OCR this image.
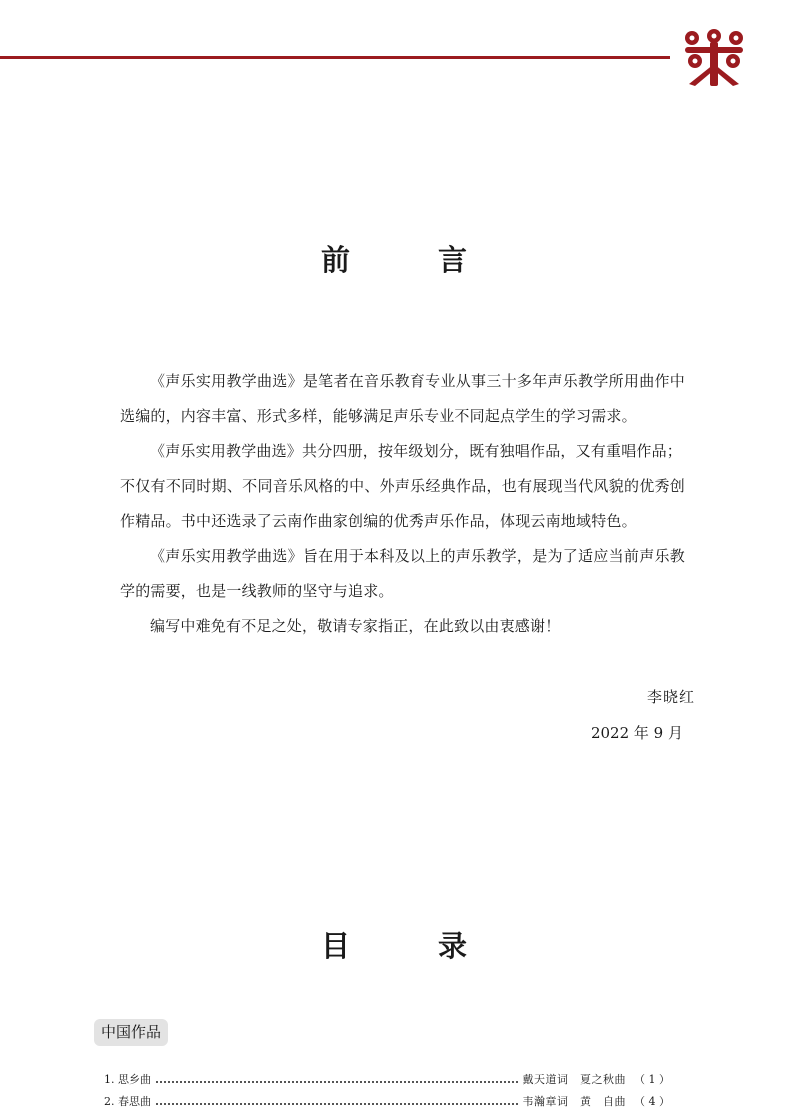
前	言

《声乐实用教学曲选》是笔者在音乐教育专业从事三十多年声乐教学所用曲作中选编的，内容丰富、形式多样，能够满足声乐专业不同起点学生的学习需求。

《声乐实用教学曲选》共分四册，按年级划分，既有独唱作品，又有重唱作品；

不仅有不同时期、不同音乐风格的中、外声乐经典作品，也有展现当代风貌的优秀创作精品。书中还选录了云南作曲家创编的优秀声乐作品，体现云南地域特色。

《声乐实用教学曲选》旨在用于本科及以上的声乐教学，是为了适应当前声乐教学的需要，也是一线教师的坚守与追求。

编写中难免有不足之处，敬请专家指正，在此致以由衷感谢！

李晓红
2022 年 9 月
目	录
中国作品
1. 思乡曲	戴天道词　夏之秋曲 （ 1 ）
2. 春思曲	韦瀚章词　黄　自曲 （ 4 ）
